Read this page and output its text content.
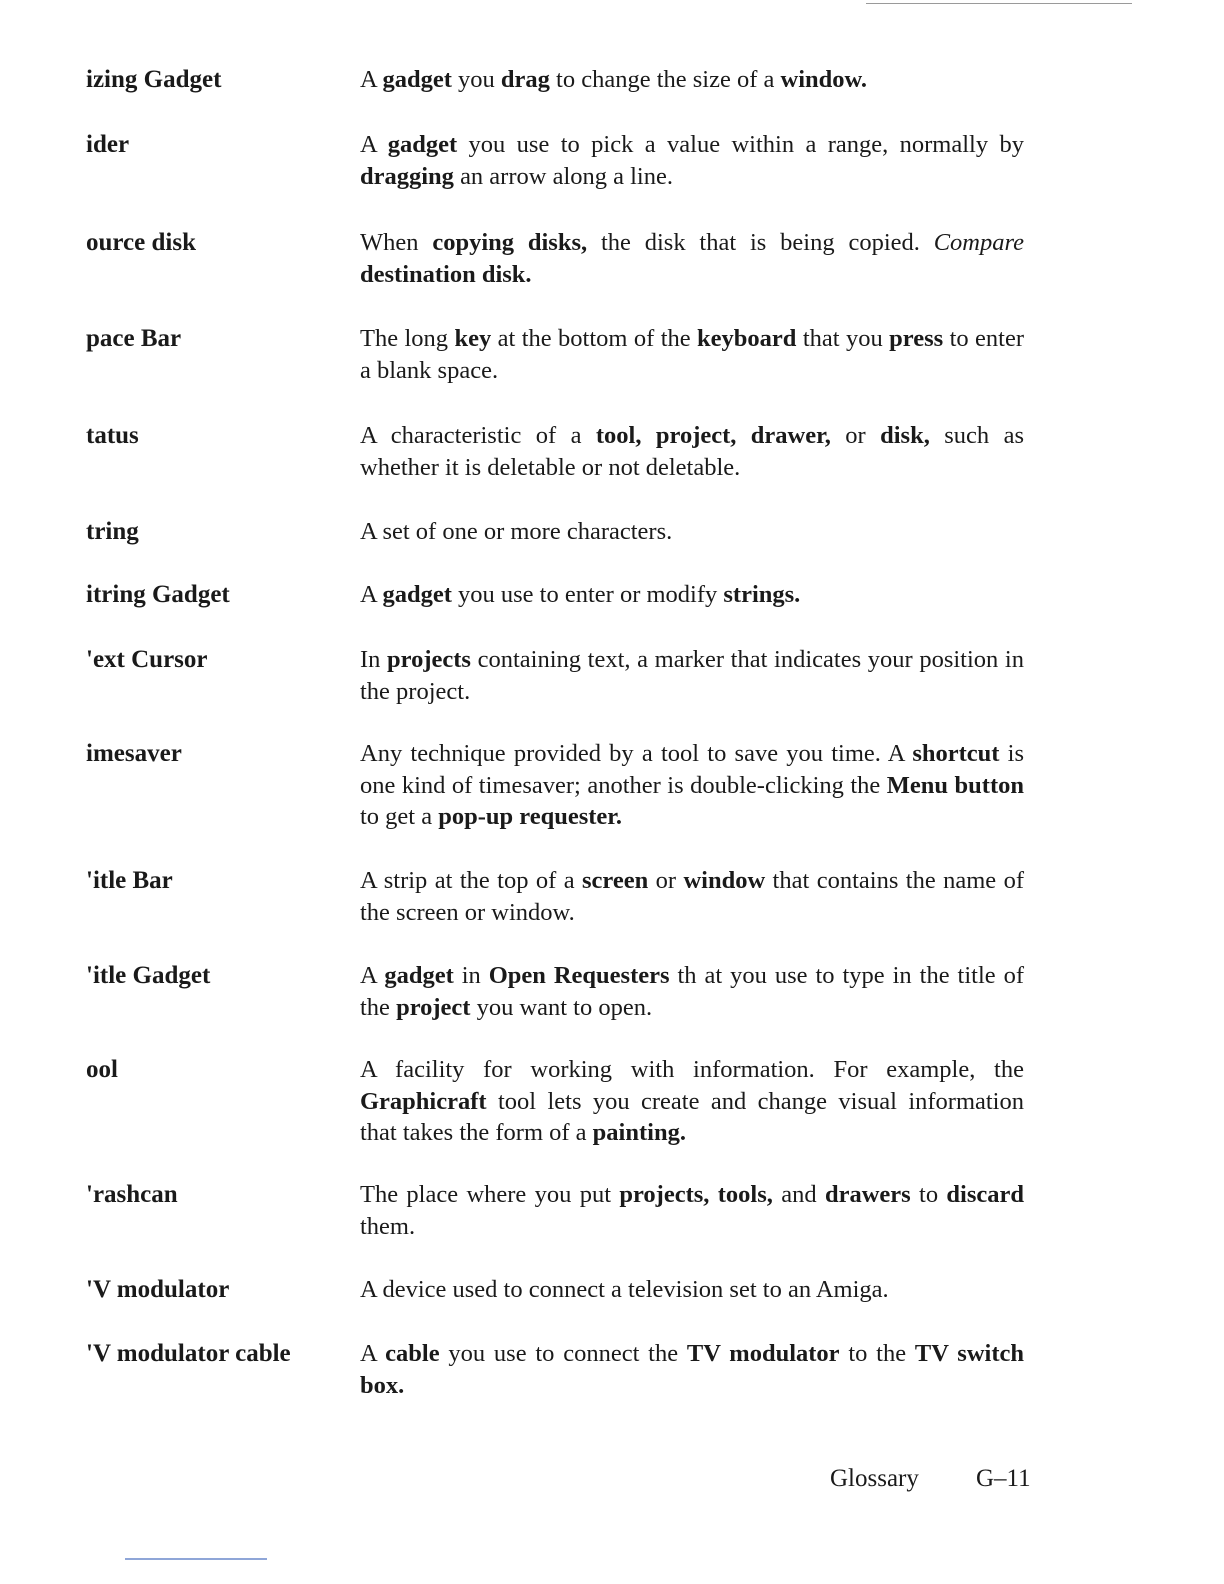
izing Gadget	A gadget you drag to change the size of a window.
ider	A gadget you use to pick a value within a range, normally by dragging an arrow along a line.
ource disk	When copying disks, the disk that is being copied. Compare destination disk.
pace Bar	The long key at the bottom of the keyboard that you press to enter a blank space.
tatus	A characteristic of a tool, project, drawer, or disk, such as whether it is deletable or not deletable.
tring	A set of one or more characters.
itring Gadget	A gadget you use to enter or modify strings.
'ext Cursor	In projects containing text, a marker that indicates your position in the project.
imesaver	Any technique provided by a tool to save you time. A shortcut is one kind of timesaver; another is double-clicking the Menu button to get a pop-up requester.
'itle Bar	A strip at the top of a screen or window that contains the name of the screen or window.
'itle Gadget	A gadget in Open Requesters th at you use to type in the title of the project you want to open.
ool	A facility for working with information. For example, the Graphicraft tool lets you create and change visual information that takes the form of a painting.
'rashcan	The place where you put projects, tools, and drawers to discard them.
'V modulator	A device used to connect a television set to an Amiga.
'V modulator cable	A cable you use to connect the TV modulator to the TV switch box.
Glossary G–11
